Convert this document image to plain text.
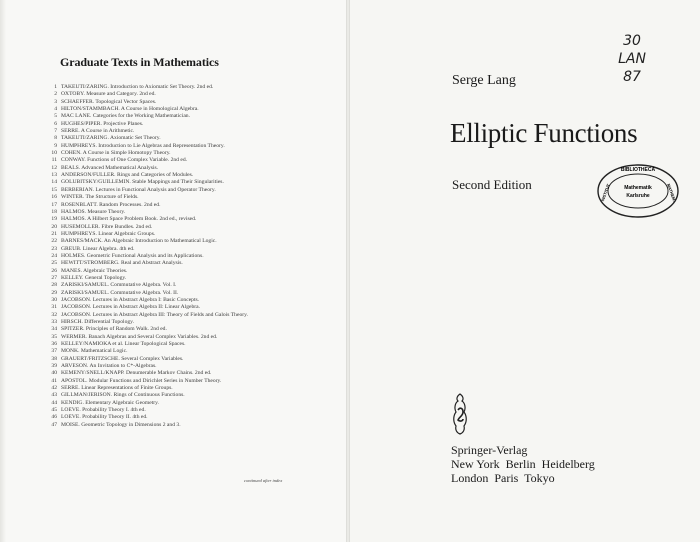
Graduate Texts in Mathematics
1 TAKEUTI/ZARING. Introduction to Axiomatic Set Theory. 2nd ed.
2 OXTOBY. Measure and Category. 2nd ed.
3 SCHAEFFER. Topological Vector Spaces.
4 HILTON/STAMMBACH. A Course in Homological Algebra.
5 MAC LANE. Categories for the Working Mathematician.
6 HUGHES/PIPER. Projective Planes.
7 SERRE. A Course in Arithmetic.
8 TAKEUTI/ZARING. Axiomatic Set Theory.
9 HUMPHREYS. Introduction to Lie Algebras and Representation Theory.
10 COHEN. A Course in Simple Homotopy Theory.
11 CONWAY. Functions of One Complex Variable. 2nd ed.
12 BEALS. Advanced Mathematical Analysis.
13 ANDERSON/FULLER. Rings and Categories of Modules.
14 GOLUBITSKY/GUILLEMIN. Stable Mappings and Their Singularities.
15 BERBERIAN. Lectures in Functional Analysis and Operator Theory.
16 WINTER. The Structure of Fields.
17 ROSENBLATT. Random Processes. 2nd ed.
18 HALMOS. Measure Theory.
19 HALMOS. A Hilbert Space Problem Book. 2nd ed., revised.
20 HUSEMOLLER. Fibre Bundles. 2nd ed.
21 HUMPHREYS. Linear Algebraic Groups.
22 BARNES/MACK. An Algebraic Introduction to Mathematical Logic.
23 GREUB. Linear Algebra. 4th ed.
24 HOLMES. Geometric Functional Analysis and its Applications.
25 HEWITT/STROMBERG. Real and Abstract Analysis.
26 MANES. Algebraic Theories.
27 KELLEY. General Topology.
28 ZARISKI/SAMUEL. Commutative Algebra. Vol. I.
29 ZARISKI/SAMUEL. Commutative Algebra. Vol. II.
30 JACOBSON. Lectures in Abstract Algebra I: Basic Concepts.
31 JACOBSON. Lectures in Abstract Algebra II: Linear Algebra.
32 JACOBSON. Lectures in Abstract Algebra III: Theory of Fields and Galois Theory.
33 HIRSCH. Differential Topology.
34 SPITZER. Principles of Random Walk. 2nd ed.
35 WERMER. Banach Algebras and Several Complex Variables. 2nd ed.
36 KELLEY/NAMIOKA et al. Linear Topological Spaces.
37 MONK. Mathematical Logic.
38 GRAUERT/FRITZSCHE. Several Complex Variables.
39 ARVESON. An Invitation to C*-Algebras.
40 KEMENY/SNELL/KNAPP. Denumerable Markov Chains. 2nd ed.
41 APOSTOL. Modular Functions and Dirichlet Series in Number Theory.
42 SERRE. Linear Representations of Finite Groups.
43 GILLMAN/JERISON. Rings of Continuous Functions.
44 KENDIG. Elementary Algebraic Geometry.
45 LOÈVE. Probability Theory I. 4th ed.
46 LOÈVE. Probability Theory II. 4th ed.
47 MOISE. Geometric Topology in Dimensions 2 and 3.
continued after index
Serge Lang
Elliptic Functions
Second Edition
30
LAN
87
BIBLIOTHECA
Mathematik
Karlsruhe
INSTITUT	MATHEM.
Springer-Verlag
New York  Berlin  Heidelberg
London  Paris  Tokyo
